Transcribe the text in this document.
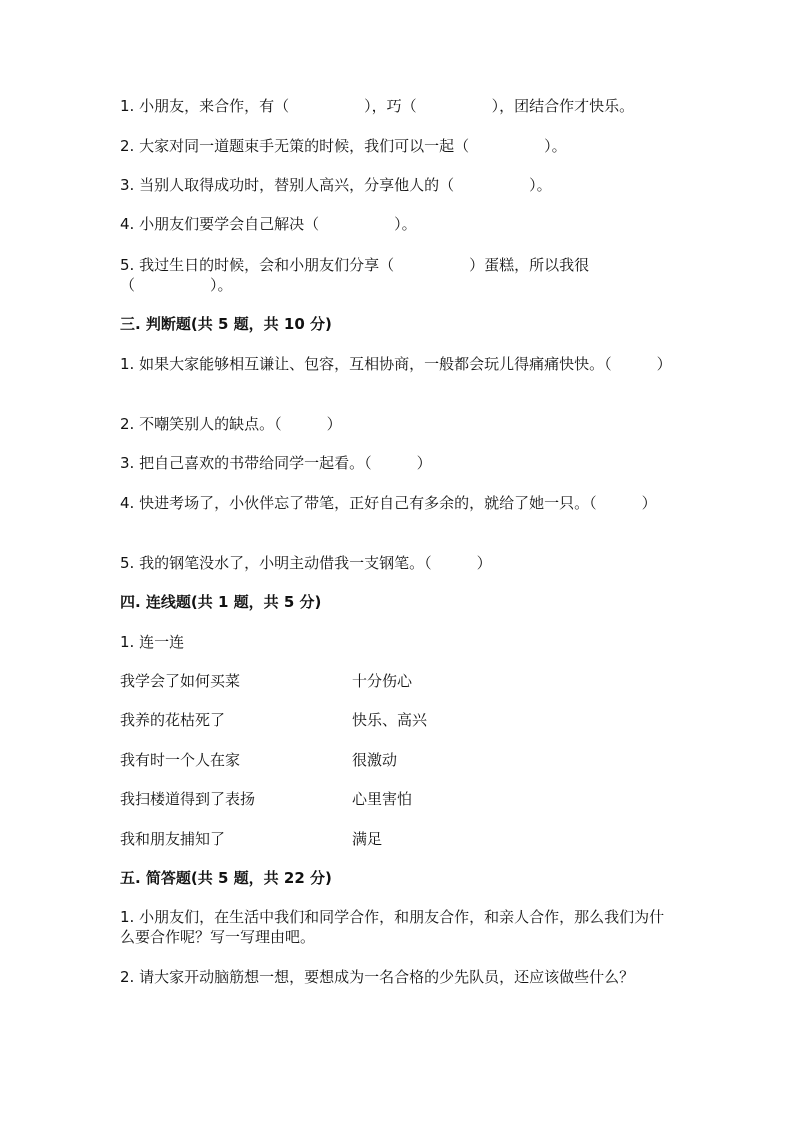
1. 小朋友，来合作，有（　　　　　），巧（　　　　　），团结合作才快乐。
2. 大家对同一道题束手无策的时候，我们可以一起（　　　　　）。
3. 当别人取得成功时，替别人高兴，分享他人的（　　　　　）。
4. 小朋友们要学会自己解决（　　　　　）。
5. 我过生日的时候，会和小朋友们分享（　　　　　）蛋糕，所以我很（　　　　　）。
三. 判断题(共 5 题，共 10 分)
1. 如果大家能够相互谦让、包容，互相协商，一般都会玩儿得痛痛快快。（　　　）
2. 不嘲笑别人的缺点。（　　　）
3. 把自己喜欢的书带给同学一起看。（　　　）
4. 快进考场了，小伙伴忘了带笔，正好自己有多余的，就给了她一只。（　　　）
5. 我的钢笔没水了，小明主动借我一支钢笔。（　　　）
四. 连线题(共 1 题，共 5 分)
1. 连一连
我学会了如何买菜	十分伤心
我养的花枯死了	快乐、高兴
我有时一个人在家	很激动
我扫楼道得到了表扬	心里害怕
我和朋友捕知了	满足
五. 简答题(共 5 题，共 22 分)
1. 小朋友们，在生活中我们和同学合作，和朋友合作，和亲人合作，那么我们为什么要合作呢？写一写理由吧。
2. 请大家开动脑筋想一想，要想成为一名合格的少先队员，还应该做些什么？
